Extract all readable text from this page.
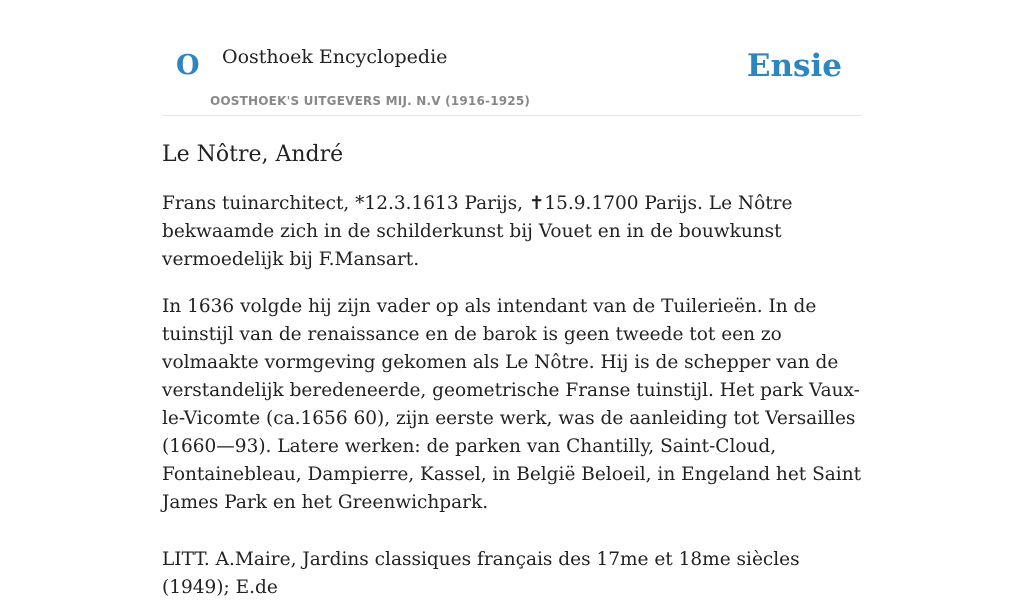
O Oosthoek Encyclopedie
OOSTHOEK'S UITGEVERS MIJ. N.V (1916-1925)
Ensie
Le Nôtre, André

Frans tuinarchitect, *12.3.1613 Parijs, ✝15.9.1700 Parijs. Le Nôtre bekwaamde zich in de schilderkunst bij Vouet en in de bouwkunst vermoedelijk bij F.Mansart.

In 1636 volgde hij zijn vader op als intendant van de Tuilerieën. In de tuinstijl van de renaissance en de barok is geen tweede tot een zo volmaakte vormgeving gekomen als Le Nôtre. Hij is de schepper van de verstandelijk beredeneerde, geometrische Franse tuinstijl. Het park Vaux-le-Vicomte (ca.1656 60), zijn eerste werk, was de aanleiding tot Versailles (1660—93). Latere werken: de parken van Chantilly, Saint-Cloud, Fontainebleau, Dampierre, Kassel, in België Beloeil, in Engeland het Saint James Park en het Greenwichpark.

LITT. A.Maire, Jardins classiques français des 17me et 18me siècles (1949); E.de
